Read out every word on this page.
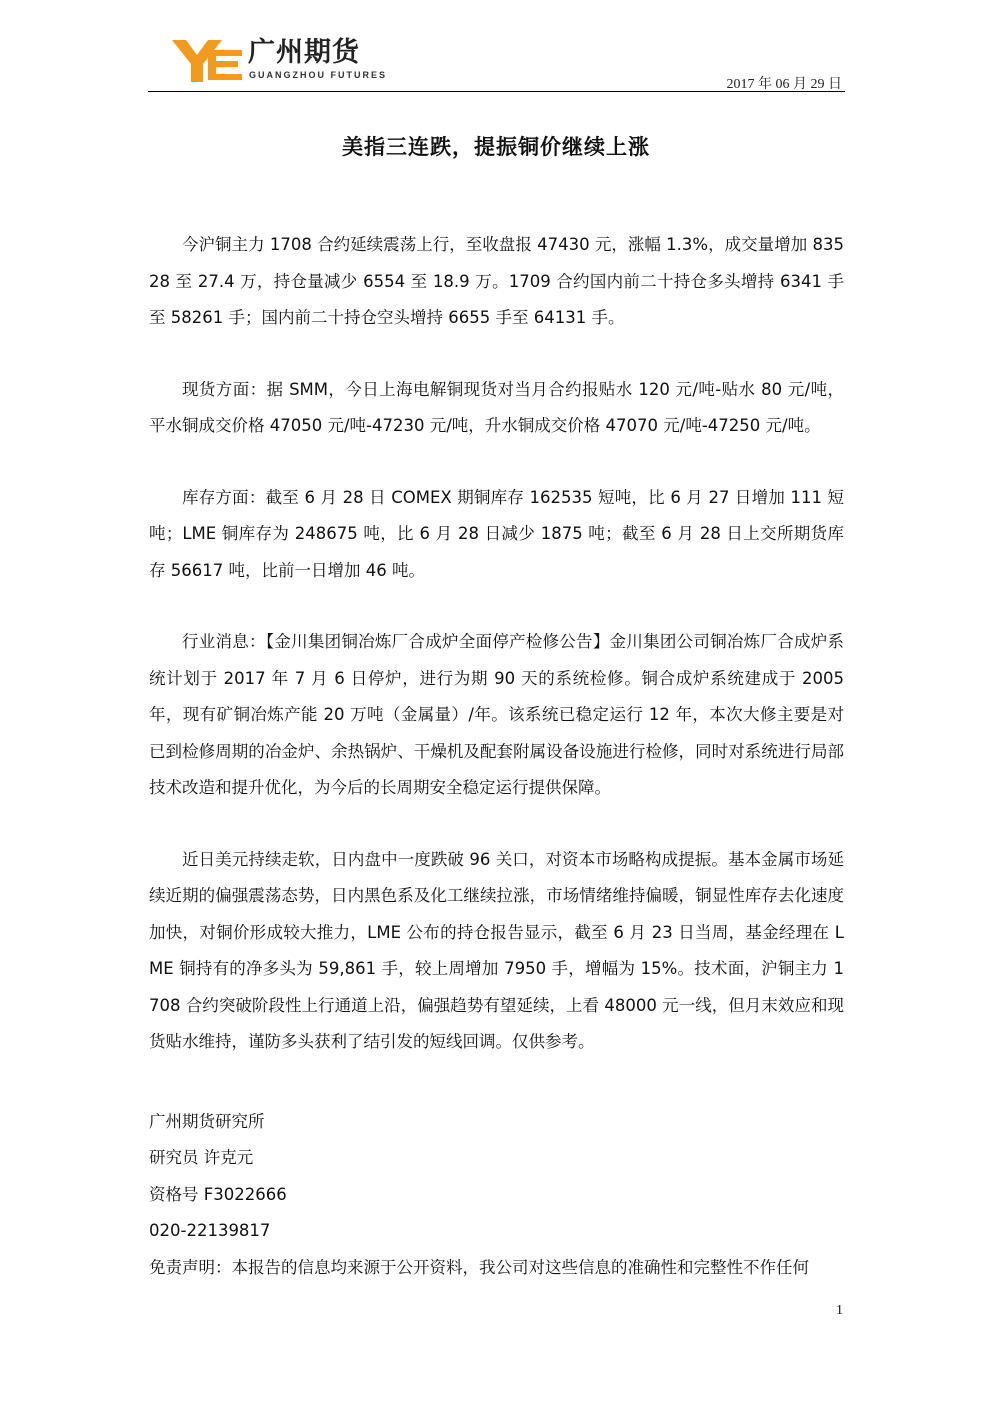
广州期货
GUANGZHOU FUTURES
2017 年 06 月 29 日
美指三连跌，提振铜价继续上涨

今沪铜主力 1708 合约延续震荡上行，至收盘报 47430 元，涨幅 1.3%，成交量增加 83528 至 27.4 万，持仓量减少 6554 至 18.9 万。1709 合约国内前二十持仓多头增持 6341 手至 58261 手；国内前二十持仓空头增持 6655 手至 64131 手。

现货方面：据 SMM，今日上海电解铜现货对当月合约报贴水 120 元/吨-贴水 80 元/吨，平水铜成交价格 47050 元/吨-47230 元/吨，升水铜成交价格 47070 元/吨-47250 元/吨。

库存方面：截至 6 月 28 日 COMEX 期铜库存 162535 短吨，比 6 月 27 日增加 111 短吨；LME 铜库存为 248675 吨，比 6 月 28 日减少 1875 吨；截至 6 月 28 日上交所期货库存 56617 吨，比前一日增加 46 吨。

行业消息：【金川集团铜冶炼厂合成炉全面停产检修公告】金川集团公司铜冶炼厂合成炉系统计划于 2017 年 7 月 6 日停炉，进行为期 90 天的系统检修。铜合成炉系统建成于 2005 年，现有矿铜冶炼产能 20 万吨（金属量）/年。该系统已稳定运行 12 年，本次大修主要是对已到检修周期的冶金炉、余热锅炉、干燥机及配套附属设备设施进行检修，同时对系统进行局部技术改造和提升优化，为今后的长周期安全稳定运行提供保障。

近日美元持续走软，日内盘中一度跌破 96 关口，对资本市场略构成提振。基本金属市场延续近期的偏强震荡态势，日内黑色系及化工继续拉涨，市场情绪维持偏暖，铜显性库存去化速度加快，对铜价形成较大推力，LME 公布的持仓报告显示，截至 6 月 23 日当周，基金经理在 LME 铜持有的净多头为 59,861 手，较上周增加 7950 手，增幅为 15%。技术面，沪铜主力 1708 合约突破阶段性上行通道上沿，偏强趋势有望延续，上看 48000 元一线，但月末效应和现货贴水维持，谨防多头获利了结引发的短线回调。仅供参考。

广州期货研究所

研究员 许克元

资格号 F3022666

020-22139817

免责声明：本报告的信息均来源于公开资料，我公司对这些信息的准确性和完整性不作任何

1
